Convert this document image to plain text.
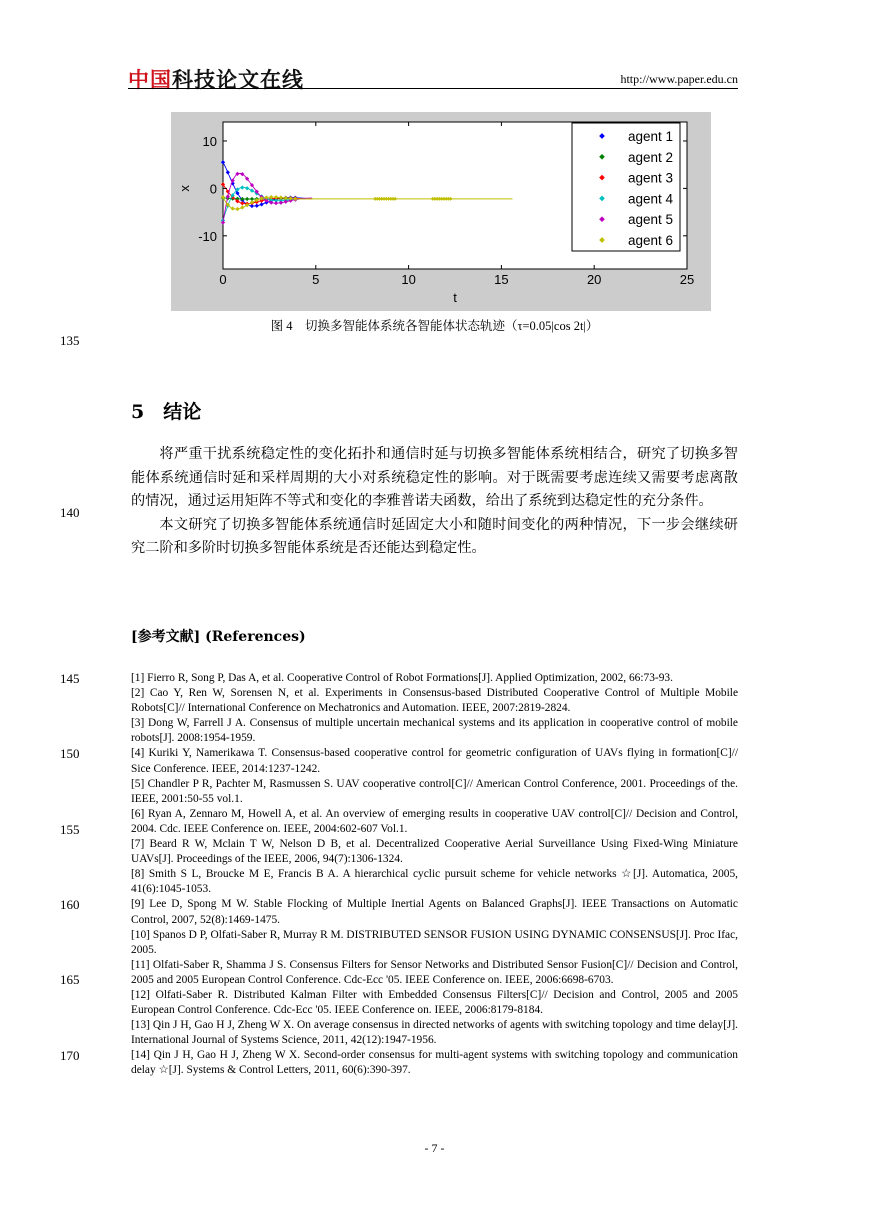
中国科技论文在线	http://www.paper.edu.cn
0	5	10	15	20	25
10
0
-10
t
x
agent 1
agent 2
agent 3
agent 4
agent 5
agent 6
图 4　切换多智能体系统各智能体状态轨迹（τ=0.05|cos 2t|）
135
140
145
150
155
160
165
170
5　结论

将严重干扰系统稳定性的变化拓扑和通信时延与切换多智能体系统相结合，研究了切换多智能体系统通信时延和采样周期的大小对系统稳定性的影响。对于既需要考虑连续又需要考虑离散的情况，通过运用矩阵不等式和变化的李雅普诺夫函数，给出了系统到达稳定性的充分条件。

本文研究了切换多智能体系统通信时延固定大小和随时间变化的两种情况，下一步会继续研究二阶和多阶时切换多智能体系统是否还能达到稳定性。

[参考文献] (References)
[1] Fierro R, Song P, Das A, et al. Cooperative Control of Robot Formations[J]. Applied Optimization, 2002, 66:73-93.
[2] Cao Y, Ren W, Sorensen N, et al. Experiments in Consensus-based Distributed Cooperative Control of Multiple Mobile Robots[C]// International Conference on Mechatronics and Automation. IEEE, 2007:2819-2824.
[3] Dong W, Farrell J A. Consensus of multiple uncertain mechanical systems and its application in cooperative control of mobile robots[J]. 2008:1954-1959.
[4] Kuriki Y, Namerikawa T. Consensus-based cooperative control for geometric configuration of UAVs flying in formation[C]// Sice Conference. IEEE, 2014:1237-1242.
[5] Chandler P R, Pachter M, Rasmussen S. UAV cooperative control[C]// American Control Conference, 2001. Proceedings of the. IEEE, 2001:50-55 vol.1.
[6] Ryan A, Zennaro M, Howell A, et al. An overview of emerging results in cooperative UAV control[C]// Decision and Control, 2004. Cdc. IEEE Conference on. IEEE, 2004:602-607 Vol.1.
[7] Beard R W, Mclain T W, Nelson D B, et al. Decentralized Cooperative Aerial Surveillance Using Fixed-Wing Miniature UAVs[J]. Proceedings of the IEEE, 2006, 94(7):1306-1324.
[8] Smith S L, Broucke M E, Francis B A. A hierarchical cyclic pursuit scheme for vehicle networks ☆[J]. Automatica, 2005, 41(6):1045-1053.
[9] Lee D, Spong M W. Stable Flocking of Multiple Inertial Agents on Balanced Graphs[J]. IEEE Transactions on Automatic Control, 2007, 52(8):1469-1475.
[10] Spanos D P, Olfati-Saber R, Murray R M. DISTRIBUTED SENSOR FUSION USING DYNAMIC CONSENSUS[J]. Proc Ifac, 2005.
[11] Olfati-Saber R, Shamma J S. Consensus Filters for Sensor Networks and Distributed Sensor Fusion[C]// Decision and Control, 2005 and 2005 European Control Conference. Cdc-Ecc '05. IEEE Conference on. IEEE, 2006:6698-6703.
[12] Olfati-Saber R. Distributed Kalman Filter with Embedded Consensus Filters[C]// Decision and Control, 2005 and 2005 European Control Conference. Cdc-Ecc '05. IEEE Conference on. IEEE, 2006:8179-8184.
[13] Qin J H, Gao H J, Zheng W X. On average consensus in directed networks of agents with switching topology and time delay[J]. International Journal of Systems Science, 2011, 42(12):1947-1956.
[14] Qin J H, Gao H J, Zheng W X. Second-order consensus for multi-agent systems with switching topology and communication delay ☆[J]. Systems & Control Letters, 2011, 60(6):390-397.
- 7 -
